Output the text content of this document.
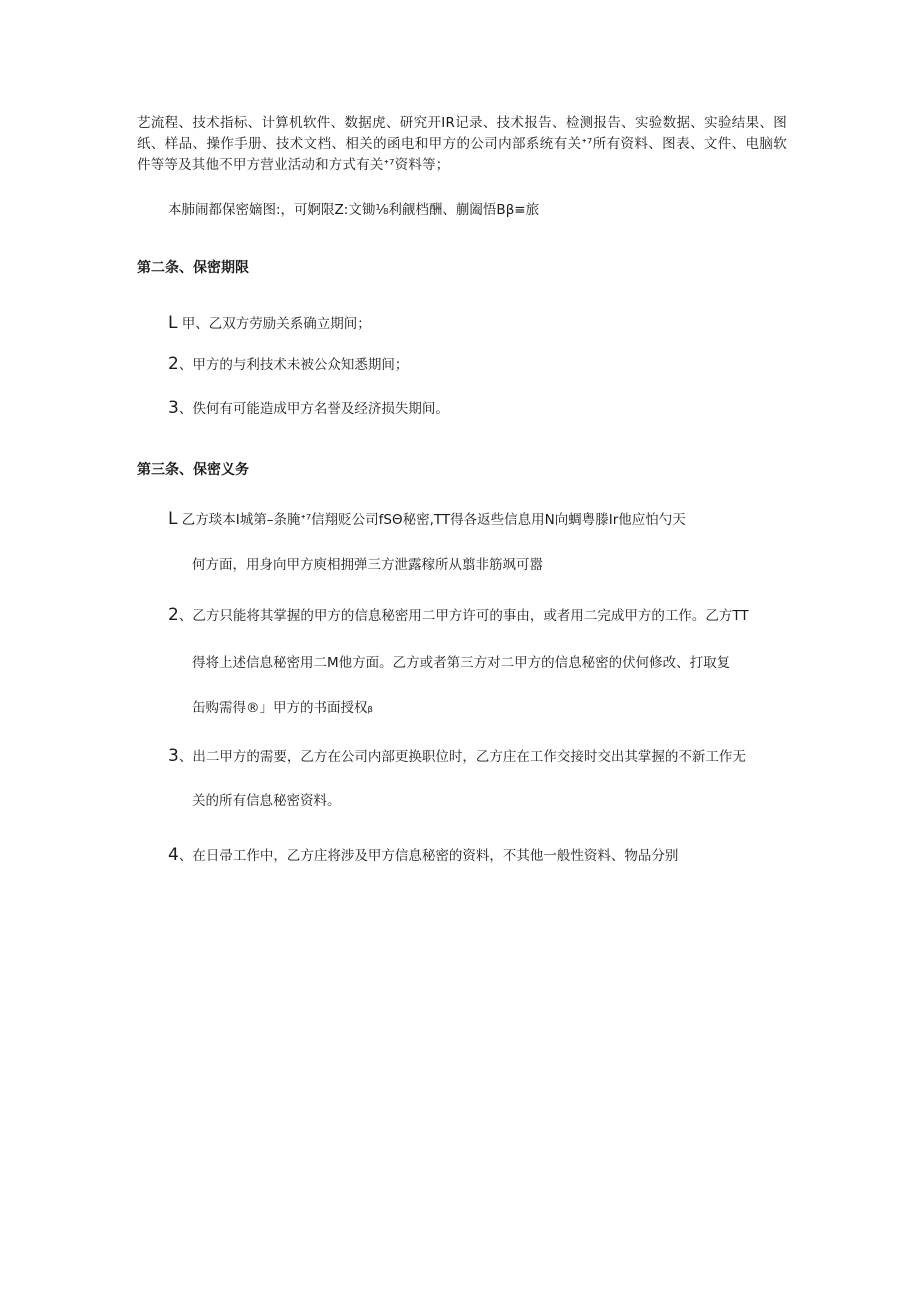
艺流程、技术指标、计算机软件、数据虎、研究开IR记录、技术报告、检测报告、实验数据、实验结果、图纸、样品、操作手册、技术文档、相关的函电和甲方的公司内部系统有关ᐩ⁷所有资料、图表、文件、电脑软件等等及其他不甲方营业活动和方式有关ᐩ⁷资料等；

本肺闹都保密嫡图:，可婀限Z:文锄⅛利觎档酬、蒯阖悟Bβ≡旅

第二条、保密期限

L 甲、乙双方劳励关系确立期间；

2、甲方的与利技术未被公众知悉期间；

3、佚何有可能造成甲方名誉及经济损失期间。

第三条、保密义务
L 乙方琰本I城第–条腌ᐩ⁷信翔贬公司fSΘ秘密,TT得各返些信息用N向蜩粤滕Ir他应怕勺天
何方面，用身向甲方庾相拥弹三方泄露稼所从翦非筋飒可嚣
2、乙方只能将其掌握的甲方的信息秘密用二甲方许可的事由，或者用二完成甲方的工作。乙方TT
得将上述信息秘密用二M他方面。乙方或者第三方对二甲方的信息秘密的伏何修改、打取复
缶购需得®」甲方的书面授权ᵦ
3、出二甲方的需要，乙方在公司内部更换职位时，乙方庄在工作交接时交出其掌握的不新工作无
关的所有信息秘密资料。
4、在日帚工作中，乙方庄将涉及甲方信息秘密的资料，不其他一般性资料、物品分别
